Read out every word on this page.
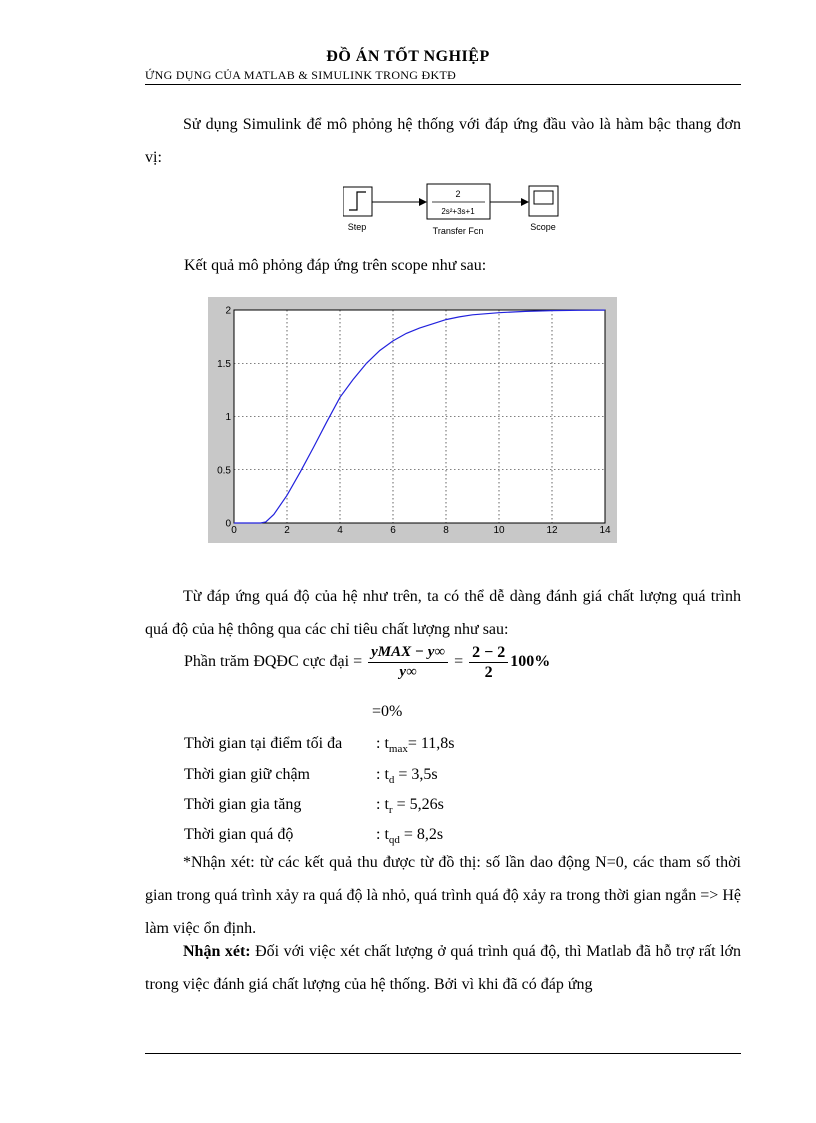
ĐỒ ÁN TỐT NGHIỆP
ỨNG DỤNG CỦA MATLAB & SIMULINK TRONG ĐKTĐ
Sử dụng Simulink để mô phỏng hệ thống với đáp ứng đầu vào là hàm bậc thang đơn vị:
Step
2
2s²+3s+1
Transfer Fcn	Scope
Kết quả mô phỏng đáp ứng trên scope như sau:
0	2	4	6	8	10	12	14
0
0.5
1
1.5
2
Từ đáp ứng quá độ của hệ như trên, ta có thể dễ dàng đánh giá chất lượng quá trình quá độ của hệ thông qua các chỉ tiêu chất lượng như sau:
Phần trăm ĐQĐC cực đại = $\frac{\text{yMAX − y∞}}{y\infty} = \frac{2 - 2}{2} 100\%$
=0%
Thời gian tại điểm tối đa : $t_{max}= 11,8s$
Thời gian giữ chậm	: $t_d = 3,5s$
Thời gian gia tăng	: $t_r = 5,26s$
Thời gian quá độ	: $t_{qd} = 8,2s$
*Nhận xét: từ các kết quả thu được từ đồ thị: số lần dao động N=0, các tham số thời gian trong quá trình xảy ra quá độ là nhỏ, quá trình quá độ xảy ra trong thời gian ngắn => Hệ làm việc ổn định.
Nhận xét: Đối với việc xét chất lượng ở quá trình quá độ, thì Matlab đã hỗ trợ rất lớn trong việc đánh giá chất lượng của hệ thống. Bởi vì khi đã có đáp ứng
